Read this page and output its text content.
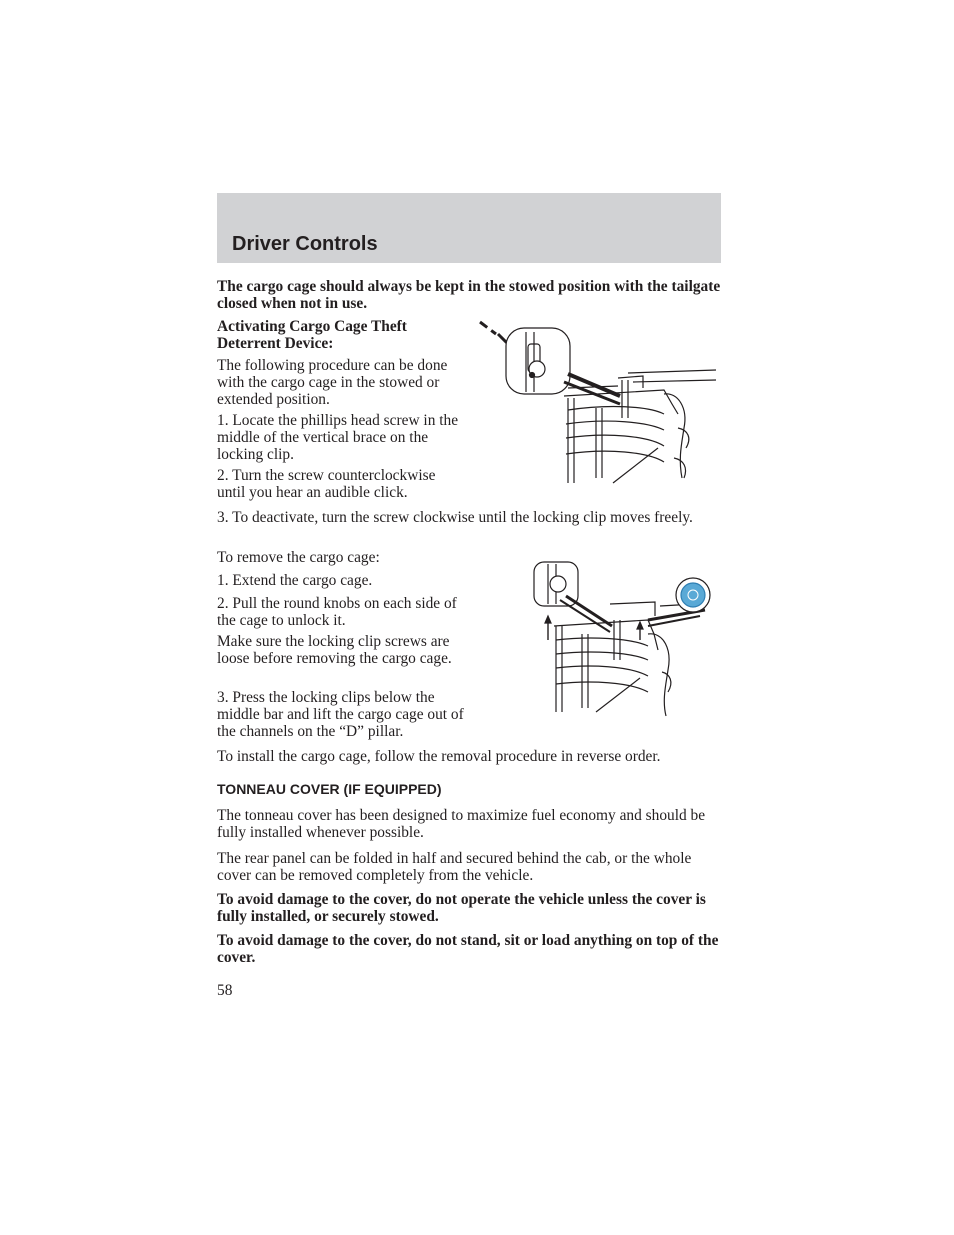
Driver Controls

The cargo cage should always be kept in the stowed position with the tailgate closed when not in use.

Activating Cargo Cage Theft Deterrent Device:

The following procedure can be done with the cargo cage in the stowed or extended position.

1. Locate the phillips head screw in the middle of the vertical brace on the locking clip.

2. Turn the screw counterclockwise until you hear an audible click.

3. To deactivate, turn the screw clockwise until the locking clip moves freely.

To remove the cargo cage:

1. Extend the cargo cage.

2. Pull the round knobs on each side of the cage to unlock it.

Make sure the locking clip screws are loose before removing the cargo cage.

3. Press the locking clips below the middle bar and lift the cargo cage out of the channels on the “D” pillar.

To install the cargo cage, follow the removal procedure in reverse order.

TONNEAU COVER (IF EQUIPPED)

The tonneau cover has been designed to maximize fuel economy and should be fully installed whenever possible.

The rear panel can be folded in half and secured behind the cab, or the whole cover can be removed completely from the vehicle.

To avoid damage to the cover, do not operate the vehicle unless the cover is fully installed, or securely stowed.

To avoid damage to the cover, do not stand, sit or load anything on top of the cover.

58
